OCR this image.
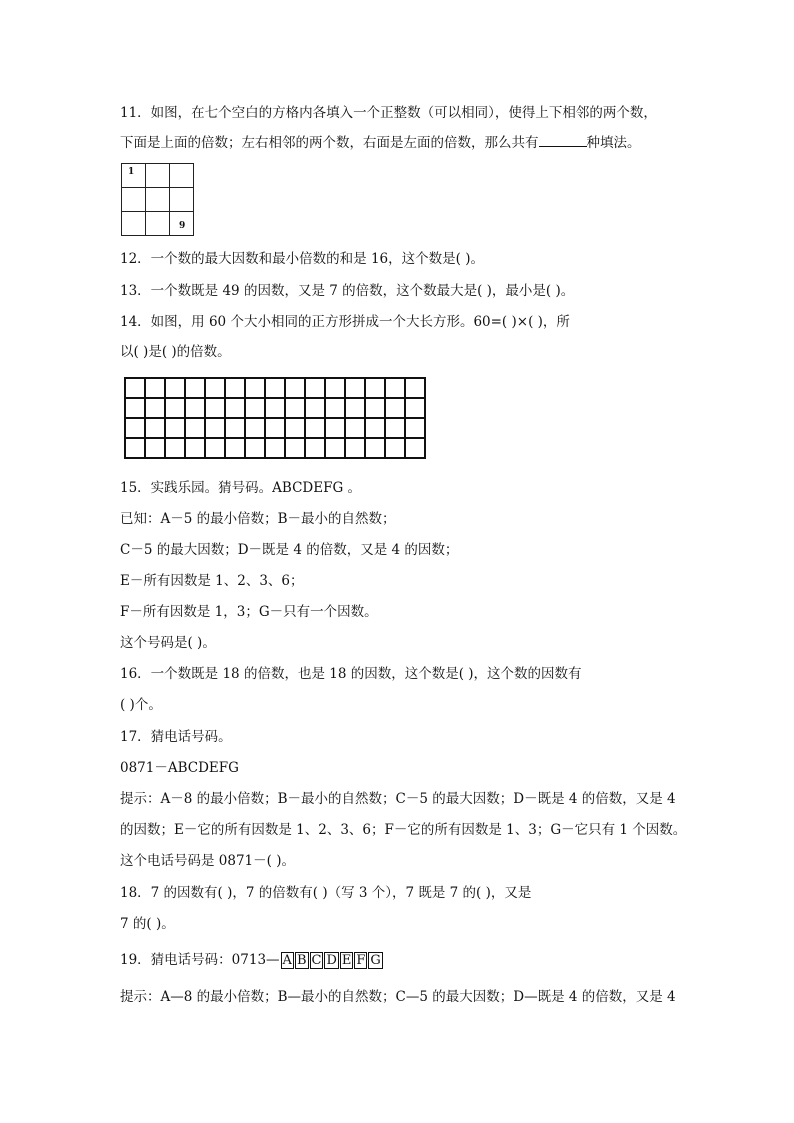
11．如图，在七个空白的方格内各填入一个正整数（可以相同），使得上下相邻的两个数，
下面是上面的倍数；左右相邻的两个数，右面是左面的倍数，那么共有	种填法。
1		

		9
12．一个数的最大因数和最小倍数的和是 16，这个数是( )。
13．一个数既是 49 的因数，又是 7 的倍数，这个数最大是( )，最小是( )。
14．如图，用 60 个大小相同的正方形拼成一个大长方形。60=( )×( )，所
以( )是( )的倍数。

15．实践乐园。猜号码。ABCDEFG 。
已知：A－5 的最小倍数；B－最小的自然数；
C－5 的最大因数；D－既是 4 的倍数，又是 4 的因数；
E－所有因数是 1、2、3、6；
F－所有因数是 1，3；G－只有一个因数。
这个号码是( )。
16．一个数既是 18 的倍数，也是 18 的因数，这个数是( )，这个数的因数有
( )个。
17．猜电话号码。
0871－ABCDEFG
提示：A－8 的最小倍数；B－最小的自然数；C－5 的最大因数；D－既是 4 的倍数，又是 4
的因数；E－它的所有因数是 1、2、3、6；F－它的所有因数是 1、3；G－它只有 1 个因数。
这个电话号码是 0871－( )。
18．7 的因数有( )，7 的倍数有( )（写 3 个），7 既是 7 的( )，又是
7 的( )。
19．猜电话号码：0713— A B C D E F G
提示：A—8 的最小倍数；B—最小的自然数；C—5 的最大因数；D—既是 4 的倍数，又是 4
